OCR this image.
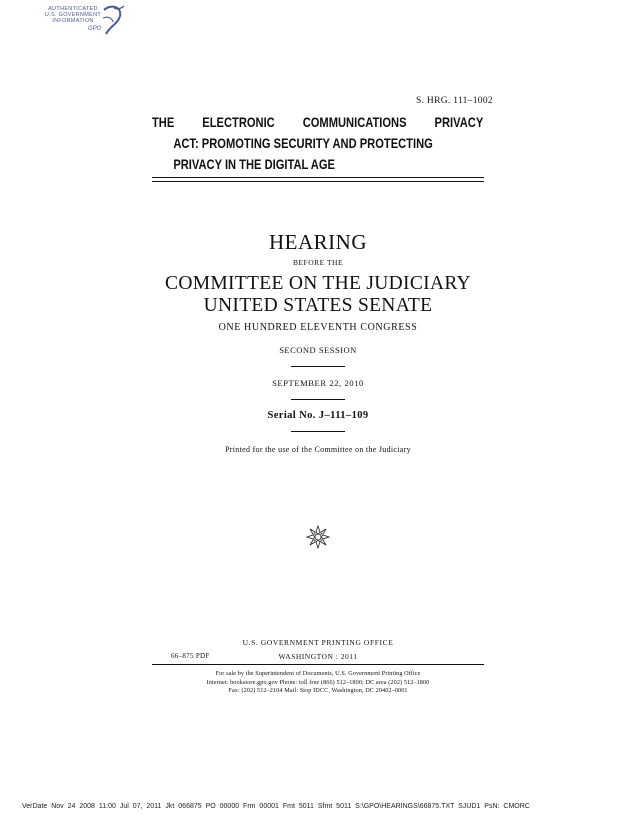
AUTHENTICATED
U.S. GOVERNMENT
INFORMATION
GPO
S. HRG. 111–1002
THE ELECTRONIC COMMUNICATIONS PRIVACY
ACT: PROMOTING SECURITY AND PROTECTING
PRIVACY IN THE DIGITAL AGE
HEARING
BEFORE THE
COMMITTEE ON THE JUDICIARY
UNITED STATES SENATE
ONE HUNDRED ELEVENTH CONGRESS
SECOND SESSION
SEPTEMBER 22, 2010
Serial No. J–111–109
Printed for the use of the Committee on the Judiciary
U.S. GOVERNMENT PRINTING OFFICE
66–875 PDF	WASHINGTON : 2011
For sale by the Superintendent of Documents, U.S. Government Printing Office
Internet: bookstore.gpo.gov Phone: toll free (866) 512–1800; DC area (202) 512–1800
Fax: (202) 512–2104 Mail: Stop IDCC, Washington, DC 20402–0001
VerDate Nov 24 2008 11:00 Jul 07, 2011 Jkt 066875 PO 00000 Frm 00001 Fmt 5011 Sfmt 5011 S:\GPO\HEARINGS\66875.TXT SJUD1 PsN: CMORC
